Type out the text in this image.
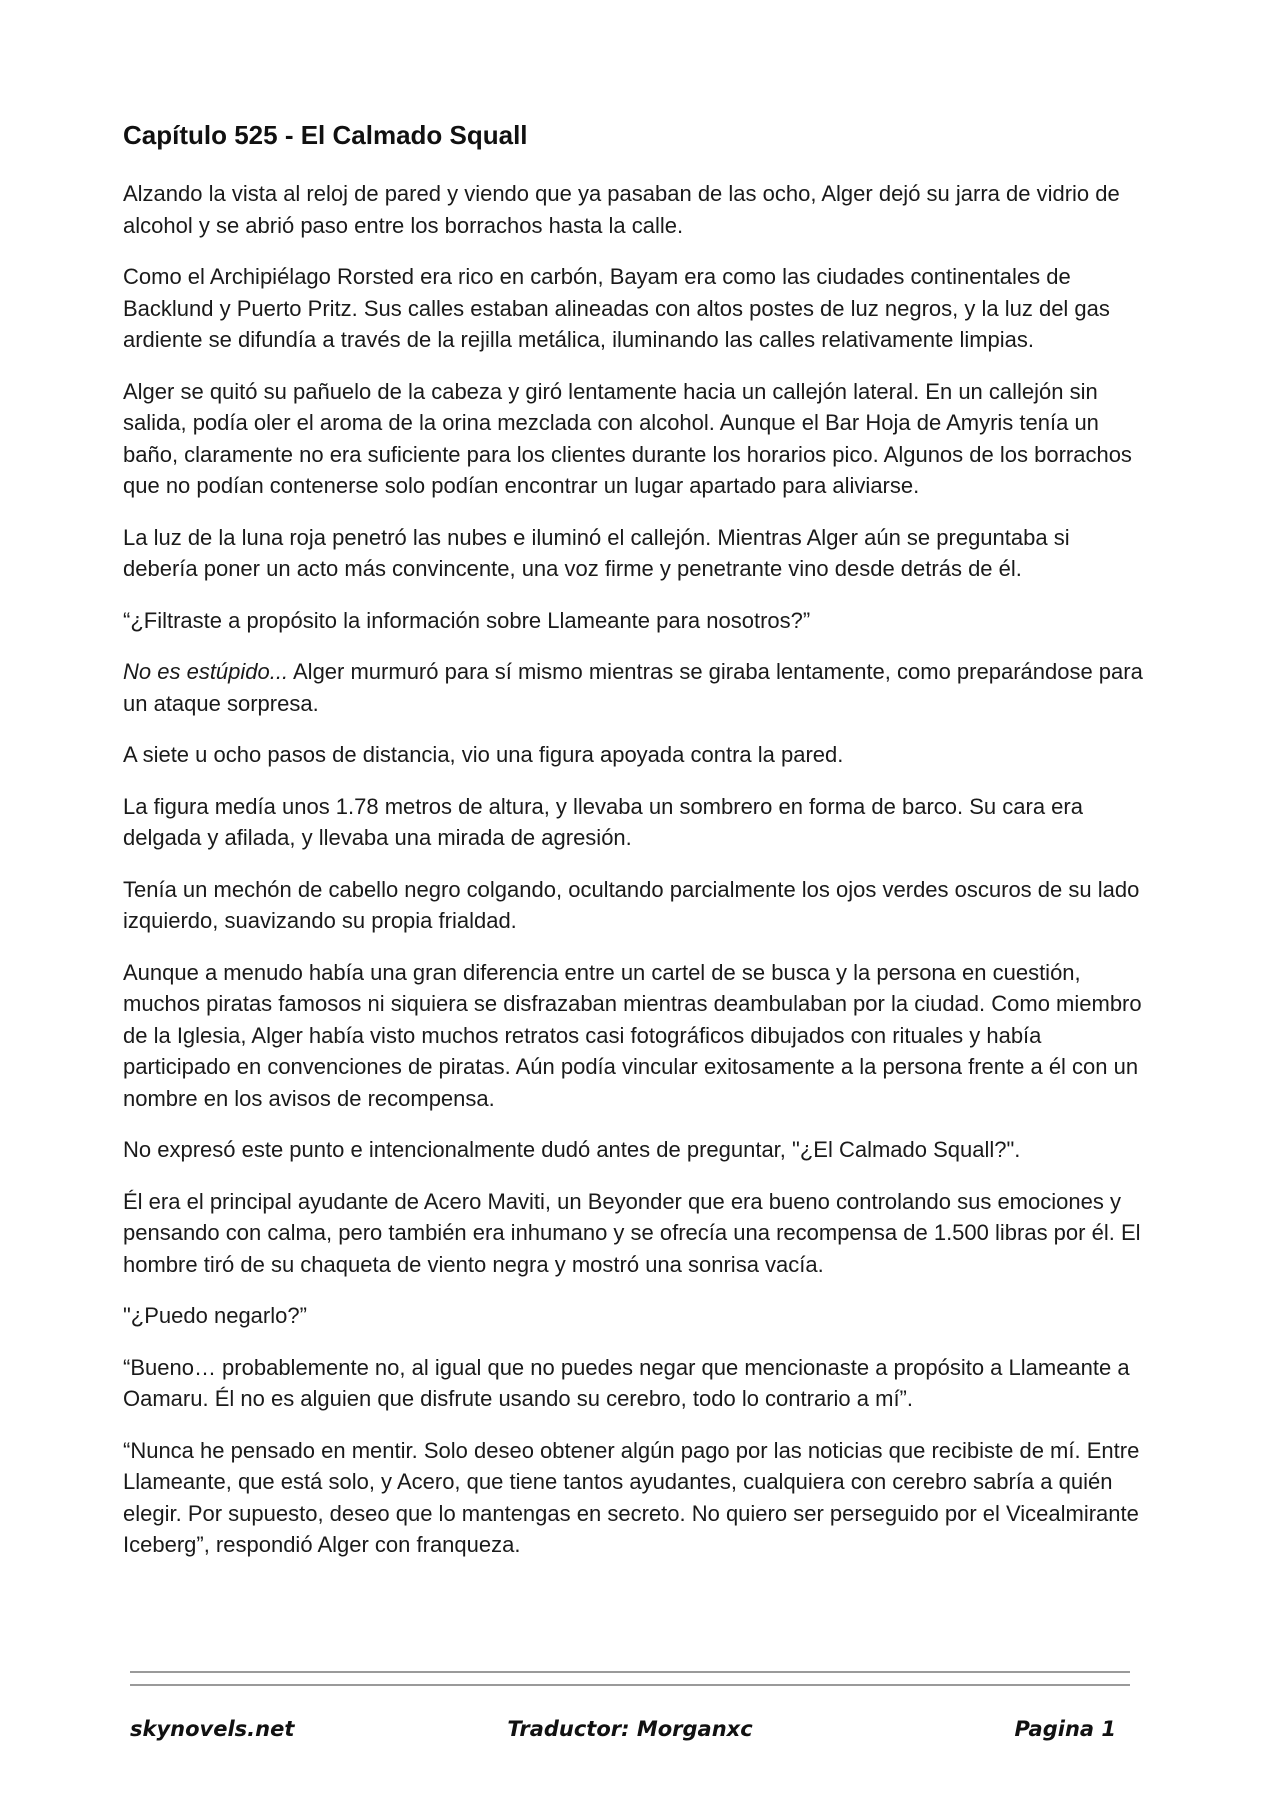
Capítulo 525 - El Calmado Squall

Alzando la vista al reloj de pared y viendo que ya pasaban de las ocho, Alger dejó su jarra de vidrio de alcohol y se abrió paso entre los borrachos hasta la calle.

Como el Archipiélago Rorsted era rico en carbón, Bayam era como las ciudades continentales de Backlund y Puerto Pritz. Sus calles estaban alineadas con altos postes de luz negros, y la luz del gas ardiente se difundía a través de la rejilla metálica, iluminando las calles relativamente limpias.

Alger se quitó su pañuelo de la cabeza y giró lentamente hacia un callejón lateral. En un callejón sin salida, podía oler el aroma de la orina mezclada con alcohol. Aunque el Bar Hoja de Amyris tenía un baño, claramente no era suficiente para los clientes durante los horarios pico. Algunos de los borrachos que no podían contenerse solo podían encontrar un lugar apartado para aliviarse.

La luz de la luna roja penetró las nubes e iluminó el callejón. Mientras Alger aún se preguntaba si debería poner un acto más convincente, una voz firme y penetrante vino desde detrás de él.

“¿Filtraste a propósito la información sobre Llameante para nosotros?”

No es estúpido... Alger murmuró para sí mismo mientras se giraba lentamente, como preparándose para un ataque sorpresa.

A siete u ocho pasos de distancia, vio una figura apoyada contra la pared.

La figura medía unos 1.78 metros de altura, y llevaba un sombrero en forma de barco. Su cara era delgada y afilada, y llevaba una mirada de agresión.

Tenía un mechón de cabello negro colgando, ocultando parcialmente los ojos verdes oscuros de su lado izquierdo, suavizando su propia frialdad.

Aunque a menudo había una gran diferencia entre un cartel de se busca y la persona en cuestión, muchos piratas famosos ni siquiera se disfrazaban mientras deambulaban por la ciudad. Como miembro de la Iglesia, Alger había visto muchos retratos casi fotográficos dibujados con rituales y había participado en convenciones de piratas. Aún podía vincular exitosamente a la persona frente a él con un nombre en los avisos de recompensa.

No expresó este punto e intencionalmente dudó antes de preguntar, "¿El Calmado Squall?".

Él era el principal ayudante de Acero Maviti, un Beyonder que era bueno controlando sus emociones y pensando con calma, pero también era inhumano y se ofrecía una recompensa de 1.500 libras por él. El hombre tiró de su chaqueta de viento negra y mostró una sonrisa vacía.

"¿Puedo negarlo?”

“Bueno… probablemente no, al igual que no puedes negar que mencionaste a propósito a Llameante a Oamaru. Él no es alguien que disfrute usando su cerebro, todo lo contrario a mí”.

“Nunca he pensado en mentir. Solo deseo obtener algún pago por las noticias que recibiste de mí. Entre Llameante, que está solo, y Acero, que tiene tantos ayudantes, cualquiera con cerebro sabría a quién elegir. Por supuesto, deseo que lo mantengas en secreto. No quiero ser perseguido por el Vicealmirante Iceberg”, respondió Alger con franqueza.

skynovels.net	Traductor: Morganxc	Pagina 1
